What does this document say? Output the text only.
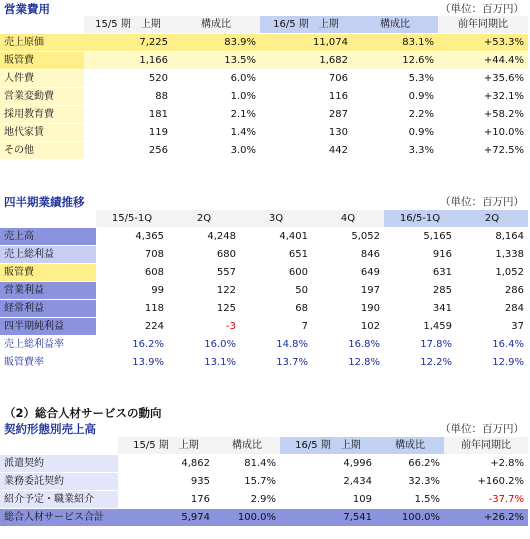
営業費用	（単位：百万円）
	15/5 期　上期	構成比	16/5 期　上期	構成比	前年同期比
売上原価	7,225	83.9%	11,074	83.1%	+53.3%
販管費	1,166	13.5%	1,682	12.6%	+44.4%
人件費	520	6.0%	706	5.3%	+35.6%
営業変動費	88	1.0%	116	0.9%	+32.1%
採用教育費	181	2.1%	287	2.2%	+58.2%
地代家賃	119	1.4%	130	0.9%	+10.0%
その他	256	3.0%	442	3.3%	+72.5%
四半期業績推移	（単位：百万円）
	15/5-1Q	2Q	3Q	4Q	16/5-1Q	2Q
売上高	4,365	4,248	4,401	5,052	5,165	8,164
売上総利益	708	680	651	846	916	1,338
販管費	608	557	600	649	631	1,052
営業利益	99	122	50	197	285	286
経常利益	118	125	68	190	341	284
四半期純利益	224	-3	7	102	1,459	37
売上総利益率	16.2%	16.0%	14.8%	16.8%	17.8%	16.4%
販管費率	13.9%	13.1%	13.7%	12.8%	12.2%	12.9%
（2）総合人材サービスの動向
契約形態別売上高	（単位：百万円）
	15/5 期　上期	構成比	16/5 期　上期	構成比	前年同期比
派遣契約	4,862	81.4%	4,996	66.2%	+2.8%
業務委託契約	935	15.7%	2,434	32.3%	+160.2%
紹介予定・職業紹介	176	2.9%	109	1.5%	-37.7%
総合人材サービス合計	5,974	100.0%	7,541	100.0%	+26.2%
